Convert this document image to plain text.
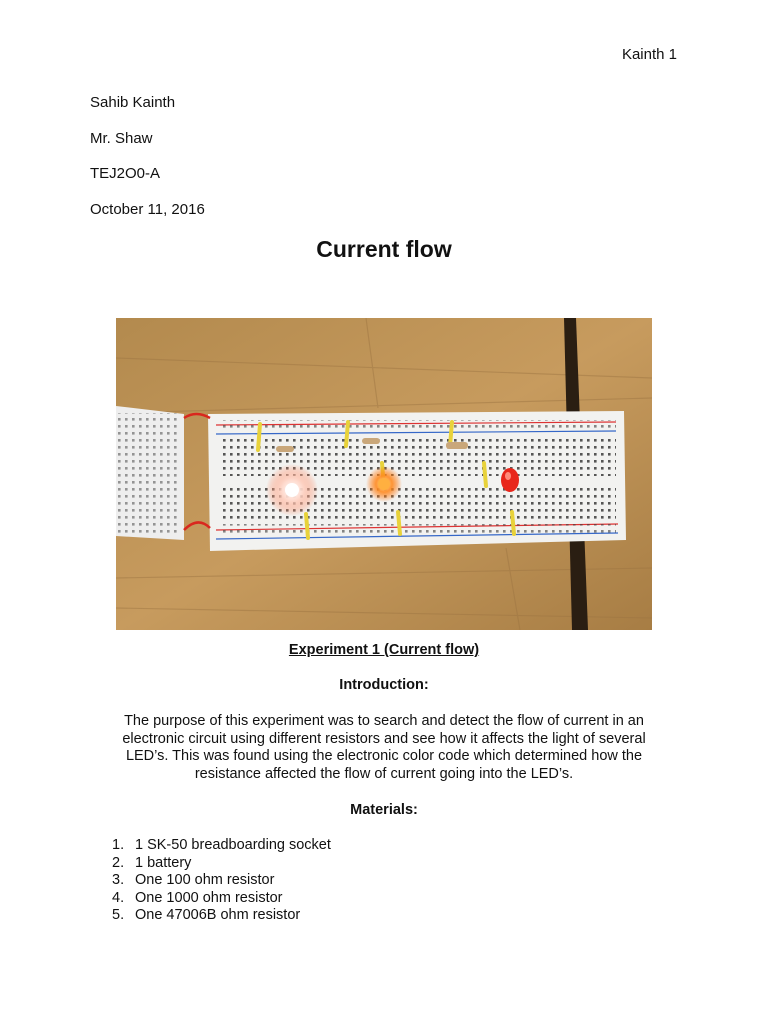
Kainth 1
Sahib Kainth
Mr. Shaw
TEJ2O0-A
October 11, 2016
Current flow
Experiment 1 (Current flow)
Introduction:
The purpose of this experiment was to search and detect the flow of current in an electronic circuit using different resistors and see how it affects the light of several LED’s. This was found using the electronic color code which determined how the resistance affected the flow of current going into the LED’s.
Materials:
1. 1 SK-50 breadboarding socket
2. 1 battery
3. One 100 ohm resistor
4. One 1000 ohm resistor
5. One 47006B ohm resistor
